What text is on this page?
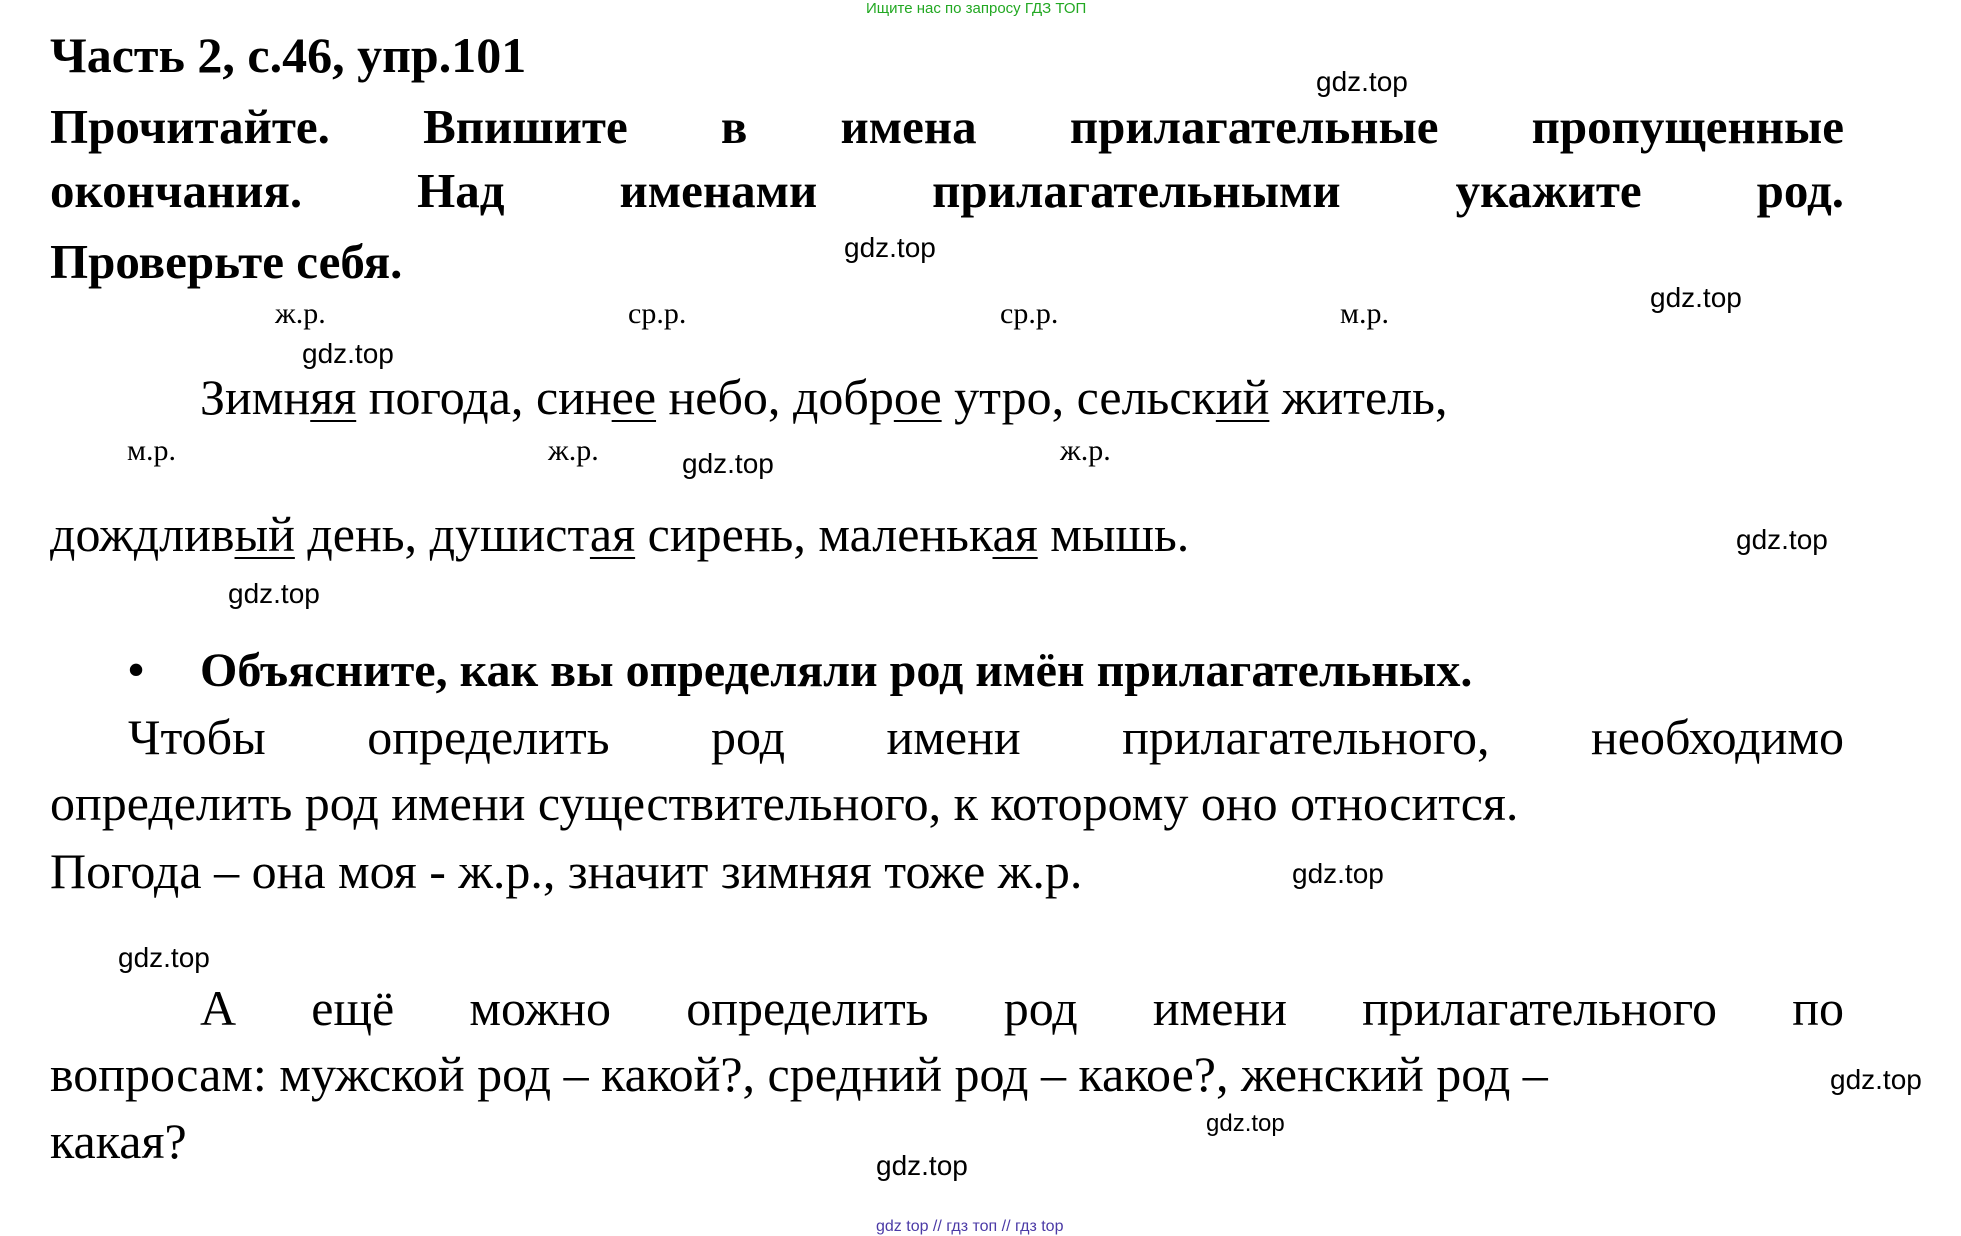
Ищите нас по запросу ГДЗ ТОП
Часть 2, с.46, упр.101
Прочитайте. Впишите в имена прилагательные пропущенные
окончания. Над именами прилагательными укажите род.
Проверьте себя.
ж.р.	ср.р.	ср.р.	м.р.
Зимняя погода, синее небо, доброе утро, сельский житель,
м.р.	ж.р.	ж.р.
дождливый день, душистая сирень, маленькая мышь.
• Объясните, как вы определяли род имён прилагательных.
Чтобы определить род имени прилагательного, необходимо
определить род имени существительного, к которому оно относится.
Погода – она моя - ж.р., значит зимняя тоже ж.р.
А ещё можно определить род имени прилагательного по
вопросам: мужской род – какой?, средний род – какое?, женский род –
какая?
gdz.top
gdz.top
gdz.top
gdz.top
gdz.top
gdz.top
gdz.top
gdz.top
gdz.top
gdz.top
gdz.top
gdz.top
gdz top // гдз топ // гдз top
